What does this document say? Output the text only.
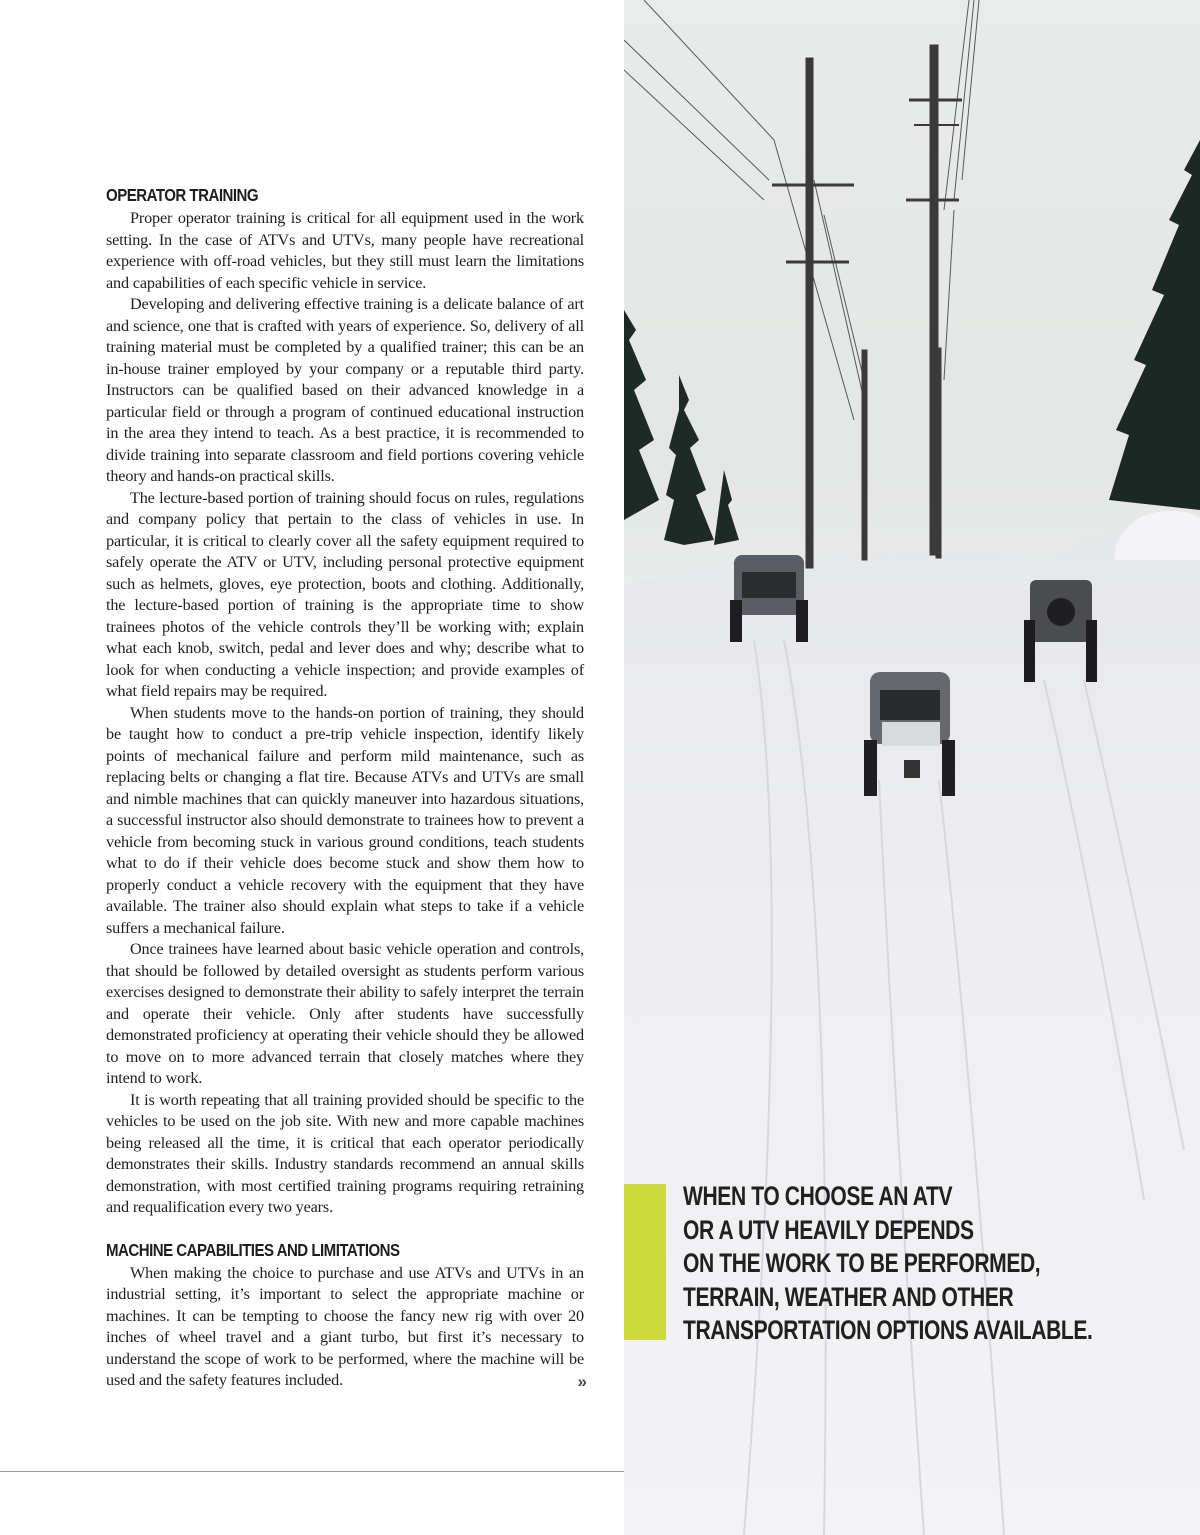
OPERATOR TRAINING

Proper operator training is critical for all equipment used in the work setting. In the case of ATVs and UTVs, many people have recreational experience with off-road vehicles, but they still must learn the limitations and capabilities of each specific vehicle in service.

Developing and delivering effective training is a delicate balance of art and science, one that is crafted with years of experience. So, delivery of all training material must be completed by a qualified trainer; this can be an in-house trainer employed by your company or a reputable third party. Instructors can be qualified based on their advanced knowledge in a particular field or through a program of continued educational instruction in the area they intend to teach. As a best practice, it is recommended to divide training into separate classroom and field portions covering vehicle theory and hands-on practical skills.

The lecture-based portion of training should focus on rules, regulations and company policy that pertain to the class of vehicles in use. In particular, it is critical to clearly cover all the safety equipment required to safely operate the ATV or UTV, including personal protective equipment such as helmets, gloves, eye protection, boots and clothing. Additionally, the lecture-based portion of training is the appropriate time to show trainees photos of the vehicle controls they’ll be working with; explain what each knob, switch, pedal and lever does and why; describe what to look for when conducting a vehicle inspection; and provide examples of what field repairs may be required.

When students move to the hands-on portion of training, they should be taught how to conduct a pre-trip vehicle inspection, identify likely points of mechanical failure and perform mild maintenance, such as replacing belts or changing a flat tire. Because ATVs and UTVs are small and nimble machines that can quickly maneuver into hazardous situations, a successful instructor also should demonstrate to trainees how to prevent a vehicle from becoming stuck in various ground conditions, teach students what to do if their vehicle does become stuck and show them how to properly conduct a vehicle recovery with the equipment that they have available. The trainer also should explain what steps to take if a vehicle suffers a mechanical failure.

Once trainees have learned about basic vehicle operation and controls, that should be followed by detailed oversight as students perform various exercises designed to demonstrate their ability to safely interpret the terrain and operate their vehicle. Only after students have successfully demonstrated proficiency at operating their vehicle should they be allowed to move on to more advanced terrain that closely matches where they intend to work.

It is worth repeating that all training provided should be specific to the vehicles to be used on the job site. With new and more capable machines being released all the time, it is critical that each operator periodically demonstrates their skills. Industry standards recommend an annual skills demonstration, with most certified training programs requiring retraining and requalification every two years.

MACHINE CAPABILITIES AND LIMITATIONS

When making the choice to purchase and use ATVs and UTVs in an industrial setting, it’s important to select the appropriate machine or machines. It can be tempting to choose the fancy new rig with over 20 inches of wheel travel and a giant turbo, but first it’s necessary to understand the scope of work to be performed, where the machine will be used and the safety features included.	»
WHEN TO CHOOSE AN ATV
OR A UTV HEAVILY DEPENDS
ON THE WORK TO BE PERFORMED,
TERRAIN, WEATHER AND OTHER
TRANSPORTATION OPTIONS AVAILABLE.
